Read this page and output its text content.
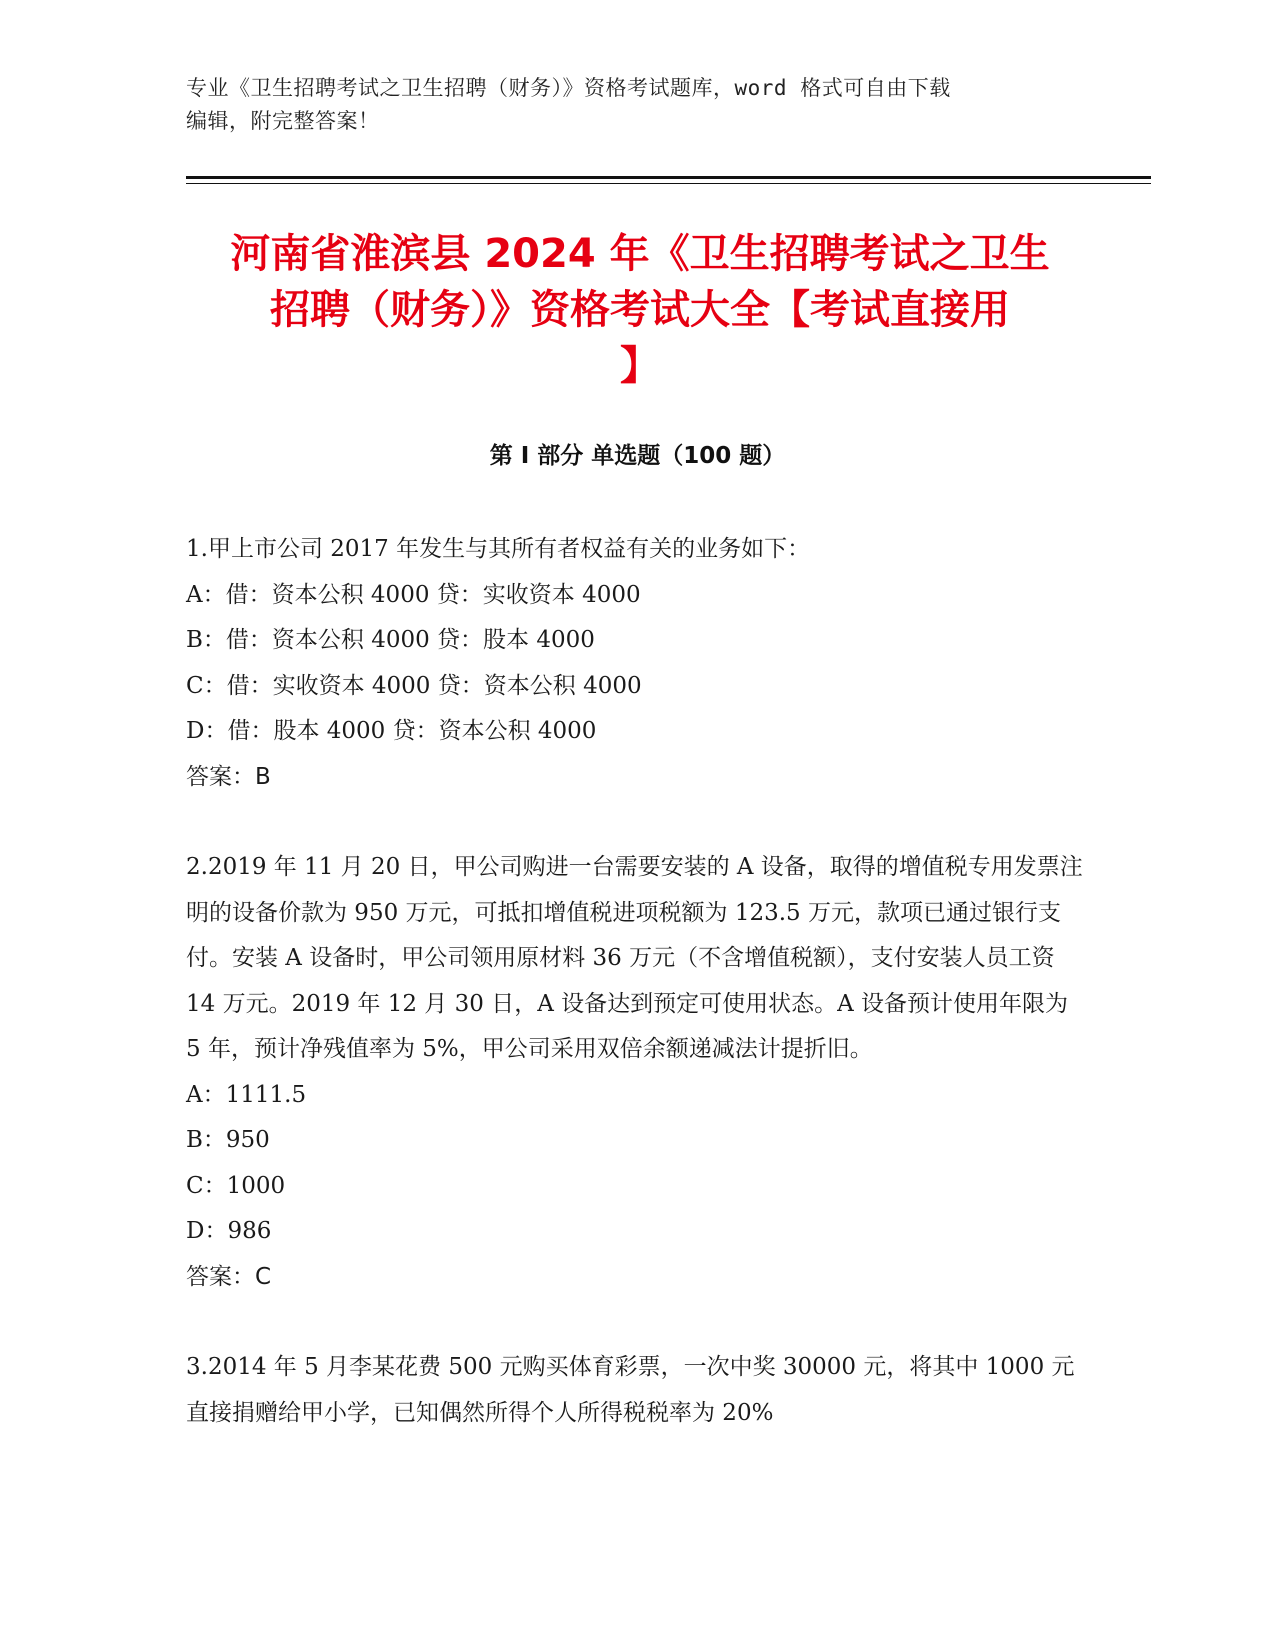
专业《卫生招聘考试之卫生招聘（财务）》资格考试题库，word 格式可自由下载
编辑，附完整答案！
河南省淮滨县 2024 年《卫生招聘考试之卫生
招聘（财务）》资格考试大全【考试直接用
】
第 I 部分 单选题（100 题）

1.甲上市公司 2017 年发生与其所有者权益有关的业务如下：

A：借：资本公积 4000 贷：实收资本 4000

B：借：资本公积 4000 贷：股本 4000

C：借：实收资本 4000 贷：资本公积 4000

D：借：股本 4000 贷：资本公积 4000

答案：B

2.2019 年 11 月 20 日，甲公司购进一台需要安装的 A 设备，取得的增值税专用发票注明的设备价款为 950 万元，可抵扣增值税进项税额为 123.5 万元，款项已通过银行支付。安装 A 设备时，甲公司领用原材料 36 万元（不含增值税额），支付安装人员工资 14 万元。2019 年 12 月 30 日，A 设备达到预定可使用状态。A 设备预计使用年限为 5 年，预计净残值率为 5%，甲公司采用双倍余额递减法计提折旧。

A：1111.5

B：950

C：1000

D：986

答案：C

3.2014 年 5 月李某花费 500 元购买体育彩票，一次中奖 30000 元，将其中 1000 元直接捐赠给甲小学，已知偶然所得个人所得税税率为 20%
